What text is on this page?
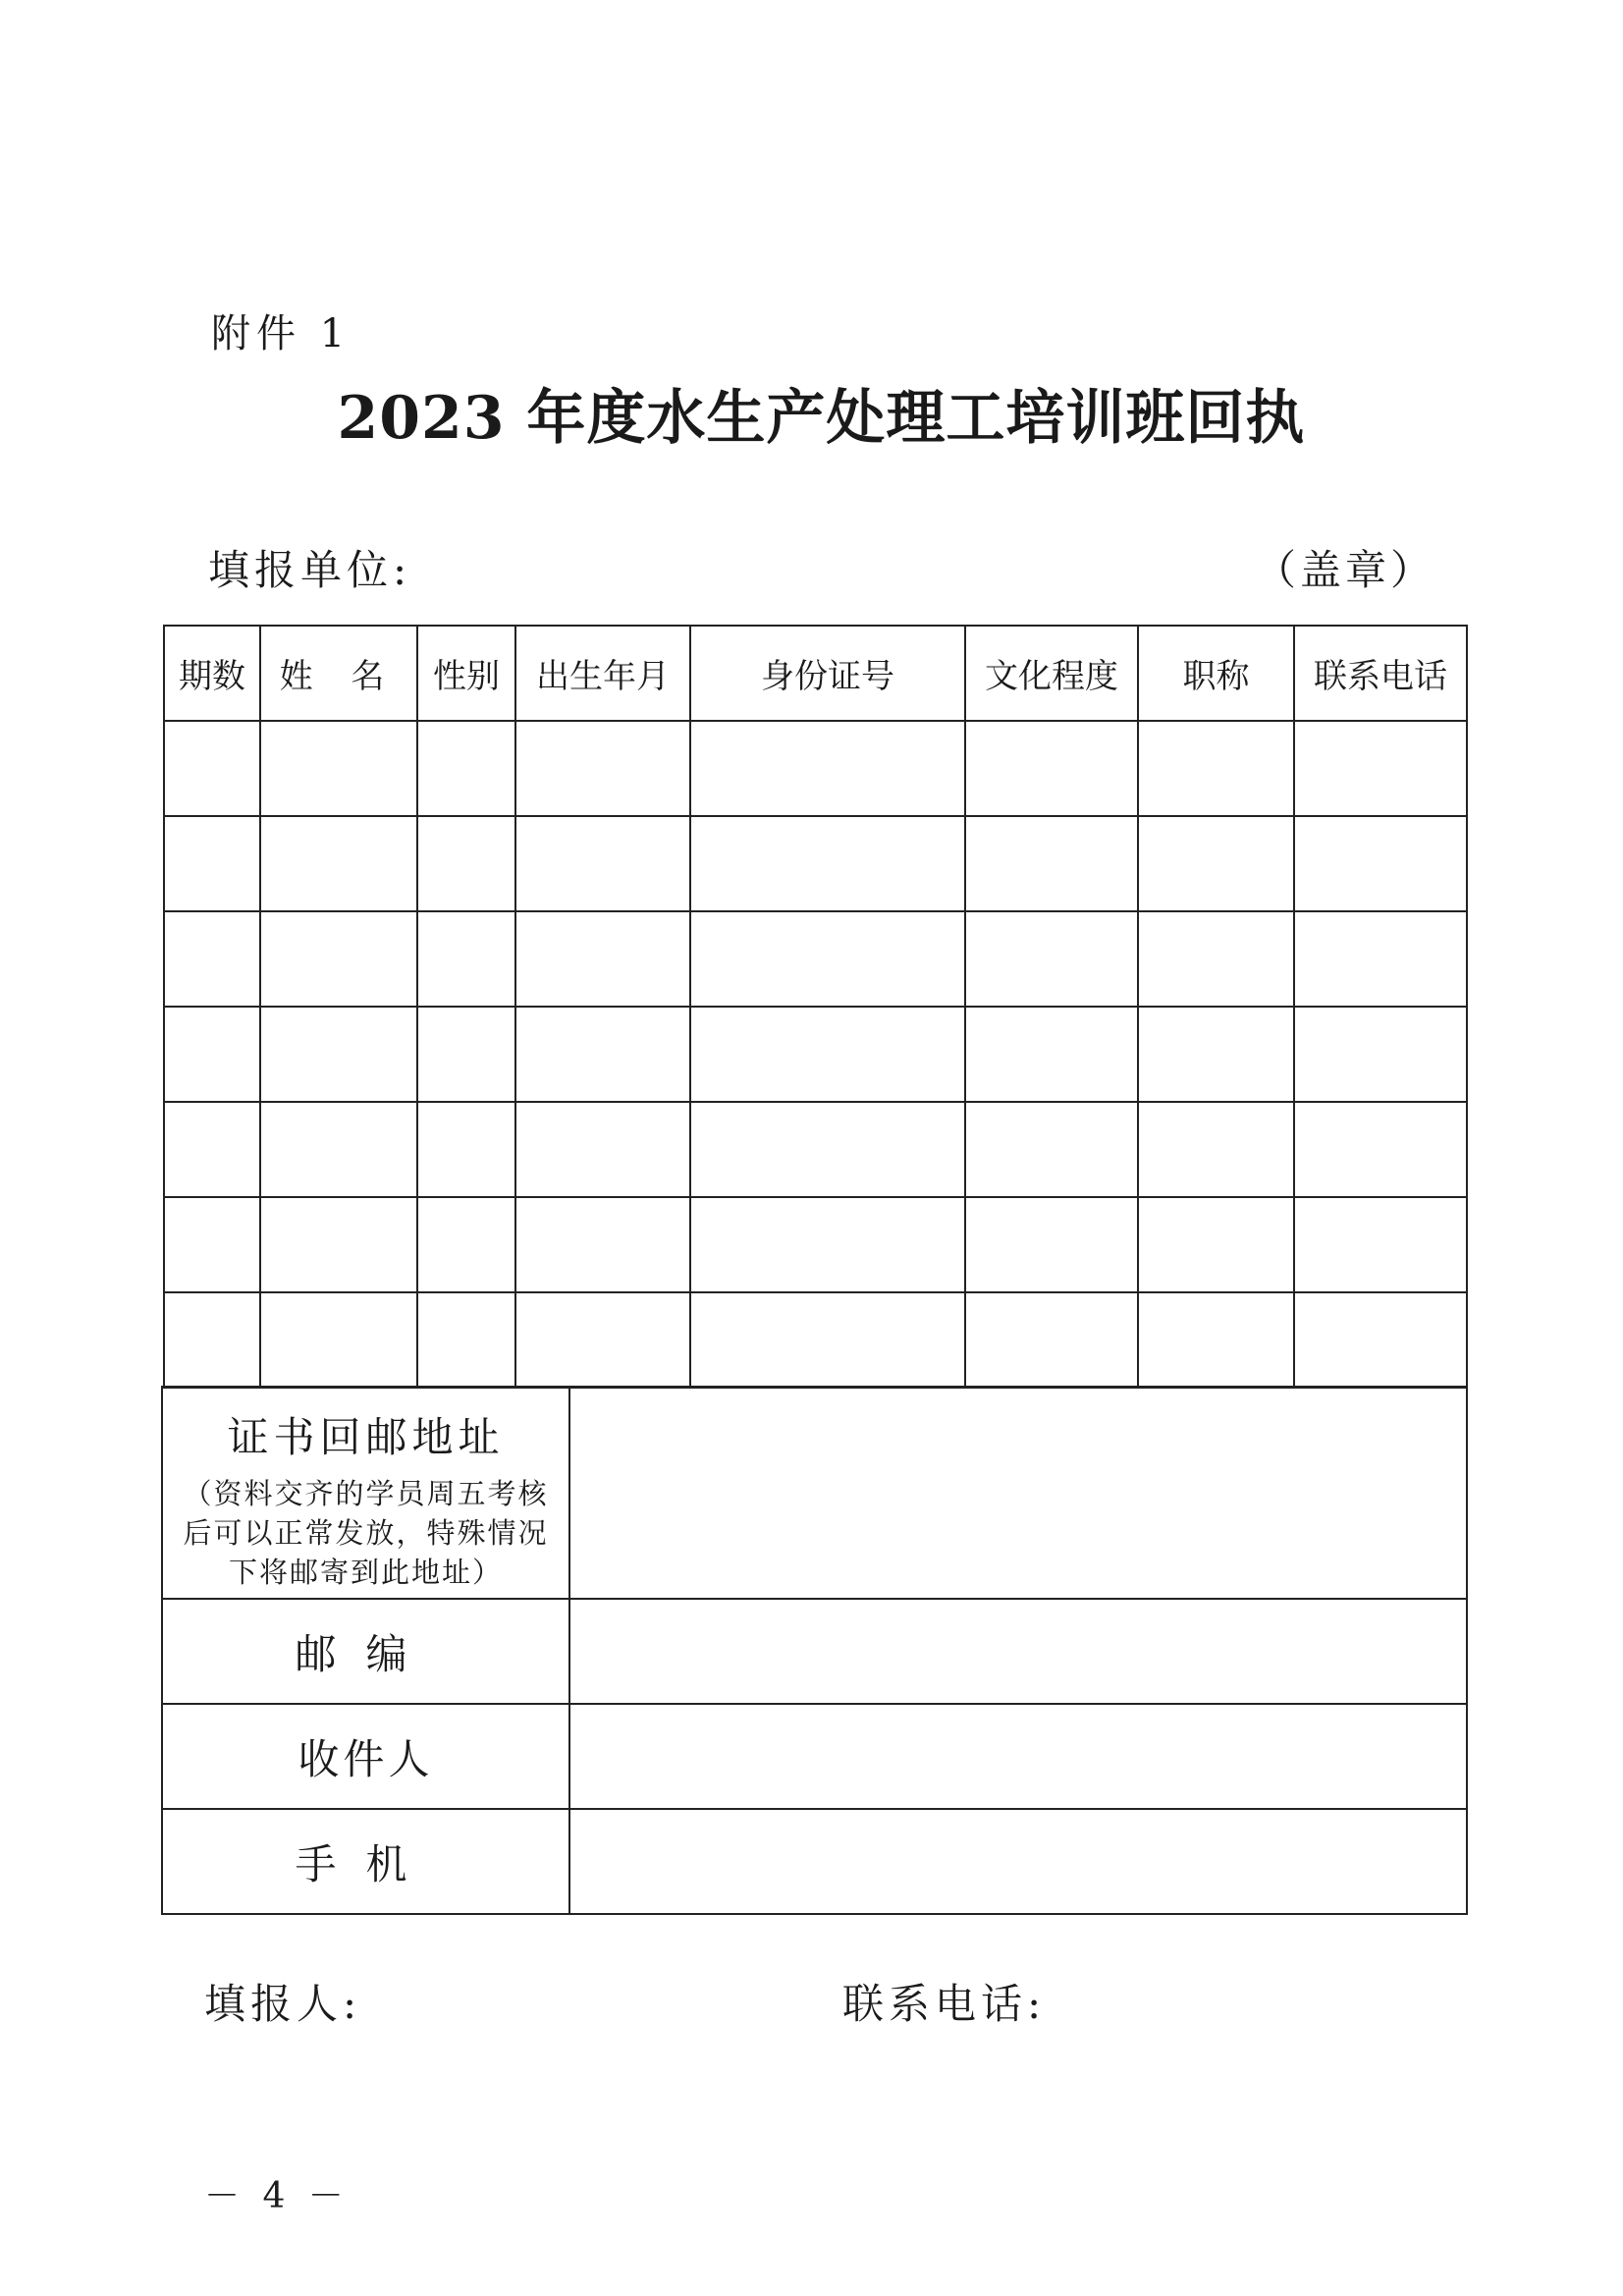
附件 1
2023 年度水生产处理工培训班回执
填报单位:	（盖章）
期数	姓 名	性别	出生年月	身份证号	文化程度	职称	联系电话

证书回邮地址
（资料交齐的学员周五考核后可以正常发放，特殊情况下将邮寄到此地址）	

邮编	
收件人	
手机	
填报人:	联系电话:
－ 4 －
